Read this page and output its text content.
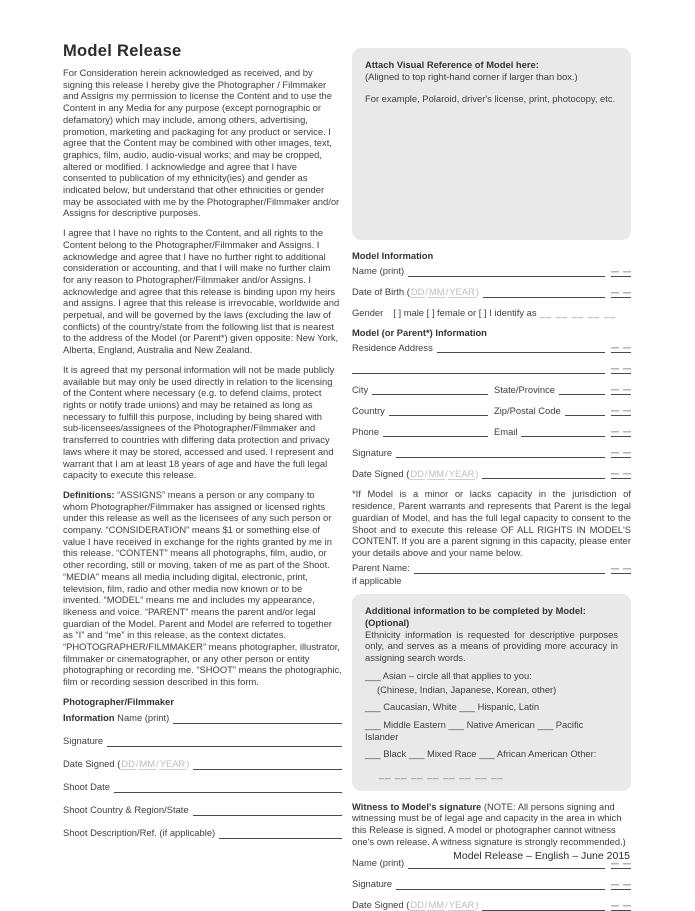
Model Release

For Consideration herein acknowledged as received, and by signing this release I hereby give the Photographer / Filmmaker and Assigns my permission to license the Content and to use the Content in any Media for any purpose (except pornographic or defamatory) which may include, among others, advertising, promotion, marketing and packaging for any product or service. I agree that the Content may be combined with other images, text, graphics, film, audio, audio-visual works; and may be cropped, altered or modified. I acknowledge and agree that I have consented to publication of my ethnicity(ies) and gender as indicated below, but understand that other ethnicities or gender may be associated with me by the Photographer/Filmmaker and/or Assigns for descriptive purposes.

I agree that I have no rights to the Content, and all rights to the Content belong to the Photographer/Filmmaker and Assigns. I acknowledge and agree that I have no further right to additional consideration or accounting, and that I will make no further claim for any reason to Photographer/Filmmaker and/or Assigns. I acknowledge and agree that this release is binding upon my heirs and assigns. I agree that this release is irrevocable, worldwide and perpetual, and will be governed by the laws (excluding the law of conflicts) of the country/state from the following list that is nearest to the address of the Model (or Parent*) given opposite: New York, Alberta, England, Australia and New Zealand.

It is agreed that my personal information will not be made publicly available but may only be used directly in relation to the licensing of the Content where necessary (e.g. to defend claims, protect rights or notify trade unions) and may be retained as long as necessary to fulfill this purpose, including by being shared with sub-licensees/assignees of the Photographer/Filmmaker and transferred to countries with differing data protection and privacy laws where it may be stored, accessed and used. I represent and warrant that I am at least 18 years of age and have the full legal capacity to execute this release.

Definitions: “ASSIGNS” means a person or any company to whom Photographer/Filmmaker has assigned or licensed rights under this release as well as the licensees of any such person or company. “CONSIDERATION” means $1 or something else of value I have received in exchange for the rights granted by me in this release. “CONTENT” means all photographs, film, audio, or other recording, still or moving, taken of me as part of the Shoot. “MEDIA” means all media including digital, electronic, print, television, film, radio and other media now known or to be invented. “MODEL” means me and includes my appearance, likeness and voice. “PARENT” means the parent and/or legal guardian of the Model. Parent and Model are referred to together as “I” and “me” in this release, as the context dictates. “PHOTOGRAPHER/FILMMAKER” means photographer, illustrator, filmmaker or cinematographer, or any other person or entity photographing or recording me. “SHOOT” means the photographic, film or recording session described in this form.

Photographer/Filmmaker
Information Name (print)
Signature
Date Signed (DD/MM/YEAR)
Shoot Date
Shoot Country & Region/State
Shoot Description/Ref. (if applicable)
Attach Visual Reference of Model here:
(Aligned to top right-hand corner if larger than box.)
For example, Polaroid, driver's license, print, photocopy, etc.
Model Information
Name (print)
Date of Birth (DD/MM/YEAR)
Gender [ ] male [ ] female or [ ] I identify as __ __ __ __ __
Model (or Parent*) Information
Residence Address
City	State/Province
Country	Zip/Postal Code
Phone	Email
Signature
Date Signed (DD/MM/YEAR)

*If Model is a minor or lacks capacity in the jurisdiction of residence, Parent warrants and represents that Parent is the legal guardian of Model, and has the full legal capacity to consent to the Shoot and to execute this release OF ALL RIGHTS IN MODEL'S CONTENT. If you are a parent signing in this capacity, please enter your details above and your name below.

Parent Name:
if applicable
Additional information to be completed by Model:
(Optional)
Ethnicity information is requested for descriptive purposes only, and serves as a means of providing more accuracy in assigning search words.
___ Asian – circle all that applies to you:
(Chinese, Indian, Japanese, Korean, other)
___ Caucasian, White ___ Hispanic, Latin
___ Middle Eastern ___ Native American ___ Pacific Islander
___ Black ___ Mixed Race ___ African American Other:
__ __ __ __ __ __ __ __

Witness to Model's signature (NOTE: All persons signing and witnessing must be of legal age and capacity in the area in which this Release is signed. A model or photographer cannot witness one's own release. A witness signature is strongly recommended.)

Name (print)
Signature
Date Signed (DD/MM/YEAR)
Model Release – English – June 2015
